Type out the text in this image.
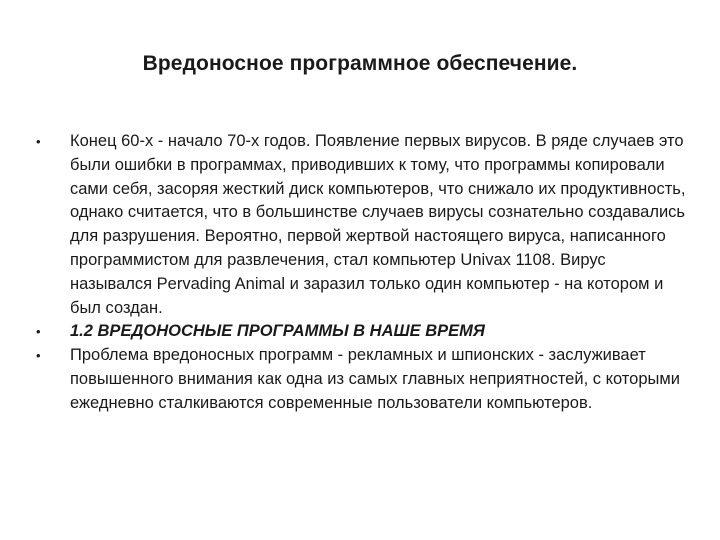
Вредоносное программное обеспечение.
•	Конец 60-х - начало 70-х годов. Появление первых вирусов. В ряде случаев это были ошибки в программах, приводивших к тому, что программы копировали сами себя, засоряя жесткий диск компьютеров, что снижало их продуктивность, однако считается, что в большинстве случаев вирусы сознательно создавались для разрушения. Вероятно, первой жертвой настоящего вируса, написанного программистом для развлечения, стал компьютер Univax 1108. Вирус назывался Pervading Animal и заразил только один компьютер - на котором и был создан.
•	1.2 ВРЕДОНОСНЫЕ ПРОГРАММЫ В НАШЕ ВРЕМЯ
•	Проблема вредоносных программ - рекламных и шпионских - заслуживает повышенного внимания как одна из самых главных неприятностей, с которыми ежедневно сталкиваются современные пользователи компьютеров.
